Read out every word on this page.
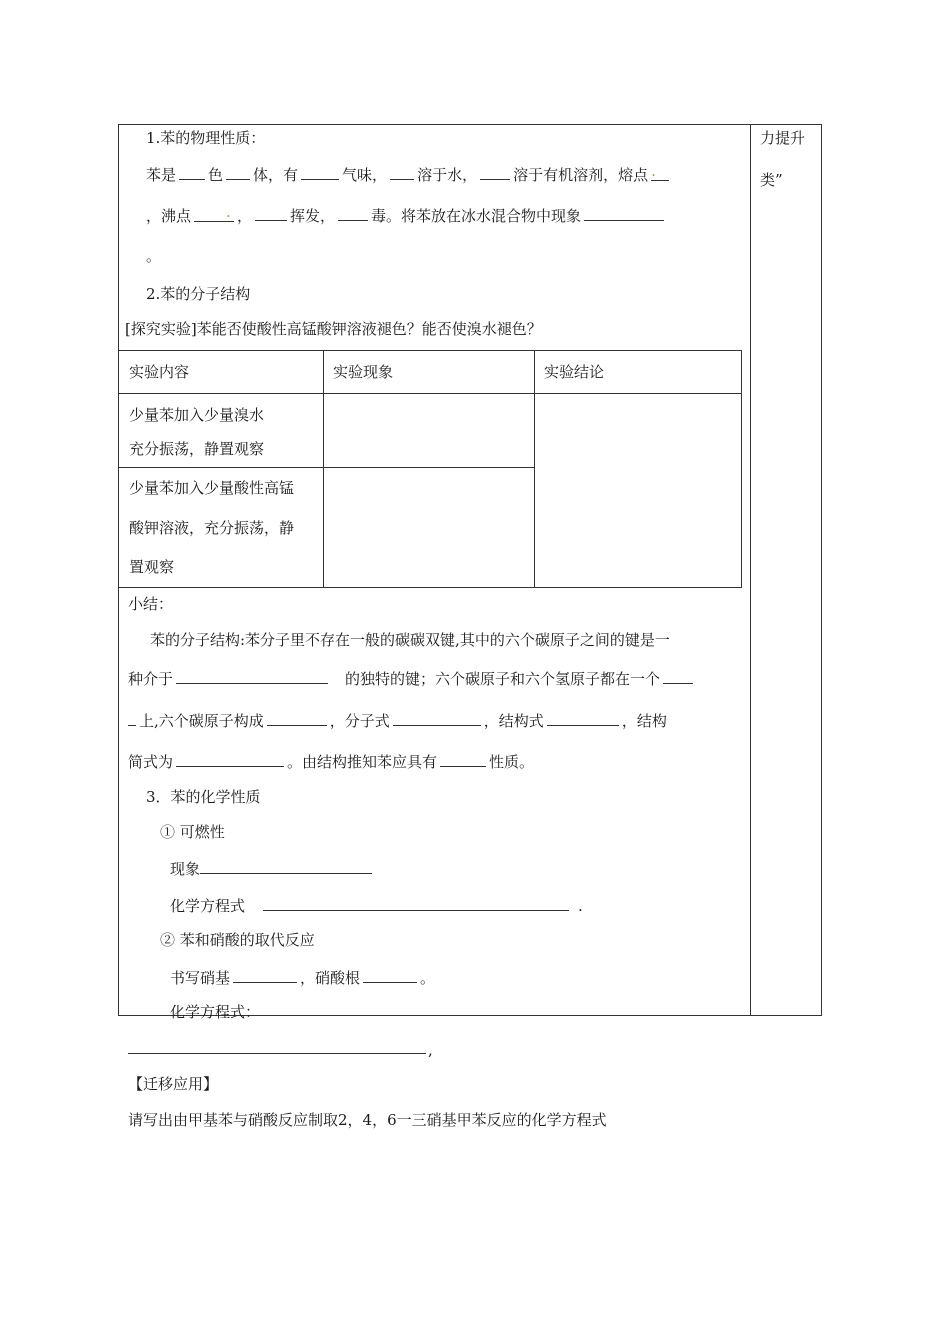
力提升
类”
1.苯的物理性质：
苯是 色 体，有	气味， 溶于水， 溶于有机溶剂，熔点 ·
，沸点 · ，	挥发， 毒。将苯放在冰水混合物中现象
。
2.苯的分子结构
[探究实验]苯能否使酸性高锰酸钾溶液褪色？能否使溴水褪色？
实验内容	实验现象	实验结论
少量苯加入少量溴水
充分振荡，静置观察
少量苯加入少量酸性高锰
酸钾溶液，充分振荡，静
置观察
小结：
苯的分子结构:苯分子里不存在一般的碳碳双键,其中的六个碳原子之间的键是一
种介于	的独特的键；六个碳原子和六个氢原子都在一个
上,六个碳原子构成	，分子式	，结构式	，结构
简式为	。由结构推知苯应具有	性质。
3．苯的化学性质
① 可燃性
现象
化学方程式	.
② 苯和硝酸的取代反应
书写硝基	，硝酸根	。
化学方程式：
,
【迁移应用】
请写出由甲基苯与硝酸反应制取2，4，6一三硝基甲苯反应的化学方程式
